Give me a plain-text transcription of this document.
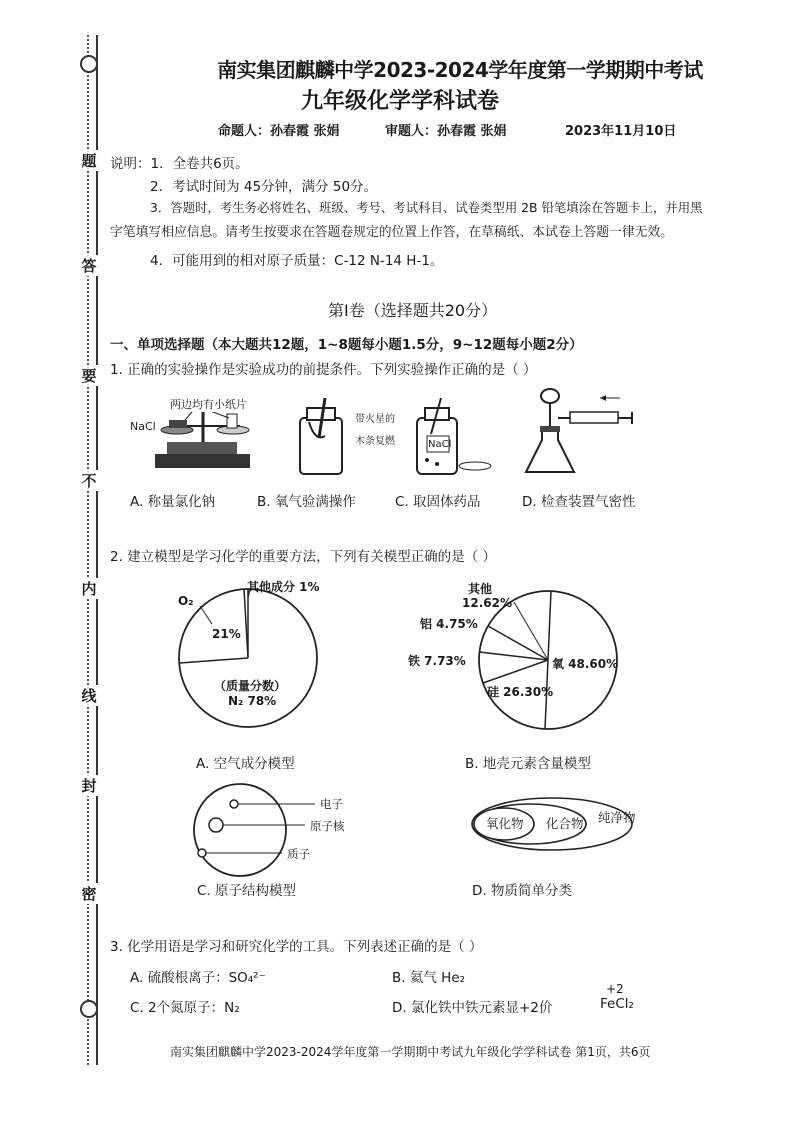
题
答
要
不
内
线
封
密
南实集团麒麟中学2023-2024学年度第一学期期中考试
九年级化学学科试卷
命题人：孙春霞 张娟	审题人：孙春霞 张娟	2023年11月10日
说明：1．全卷共6页。
2．考试时间为 45分钟，满分 50分。
3．答题时，考生务必将姓名、班级、考号、考试科目、试卷类型用 2B 铅笔填涂在答题卡上，并用黑
字笔填写相应信息。请考生按要求在答题卷规定的位置上作答，在草稿纸、本试卷上答题一律无效。
4．可能用到的相对原子质量：C-12 N-14 H-1。
第Ⅰ卷（选择题共20分）
一、单项选择题（本大题共12题，1~8题每小题1.5分，9~12题每小题2分）
1. 正确的实验操作是实验成功的前提条件。下列实验操作正确的是（ ）
两边均有小纸片
NaCl
带火星的
木条复燃	NaCl
A. 称量氯化钠	B. 氧气验满操作	C. 取固体药品	D. 检查装置气密性
2. 建立模型是学习化学的重要方法，下列有关模型正确的是（ ）
其他成分 1%
O₂
21%
（质量分数）
N₂ 78%
A. 空气成分模型
其他
12.62%
铝 4.75%
铁 7.73%
硅 26.30%
氧 48.60%
B. 地壳元素含量模型
电子
原子核
质子
C. 原子结构模型
氧化物 化合物 纯净物
D. 物质简单分类
3. 化学用语是学习和研究化学的工具。下列表述正确的是（ ）
A. 硫酸根离子：SO₄²⁻	B. 氦气 He₂
C. 2个氮原子：N₂	D. 氯化铁中铁元素显+2价
+2
FeCl₂
南实集团麒麟中学2023-2024学年度第一学期期中考试九年级化学学科试卷 第1页，共6页
